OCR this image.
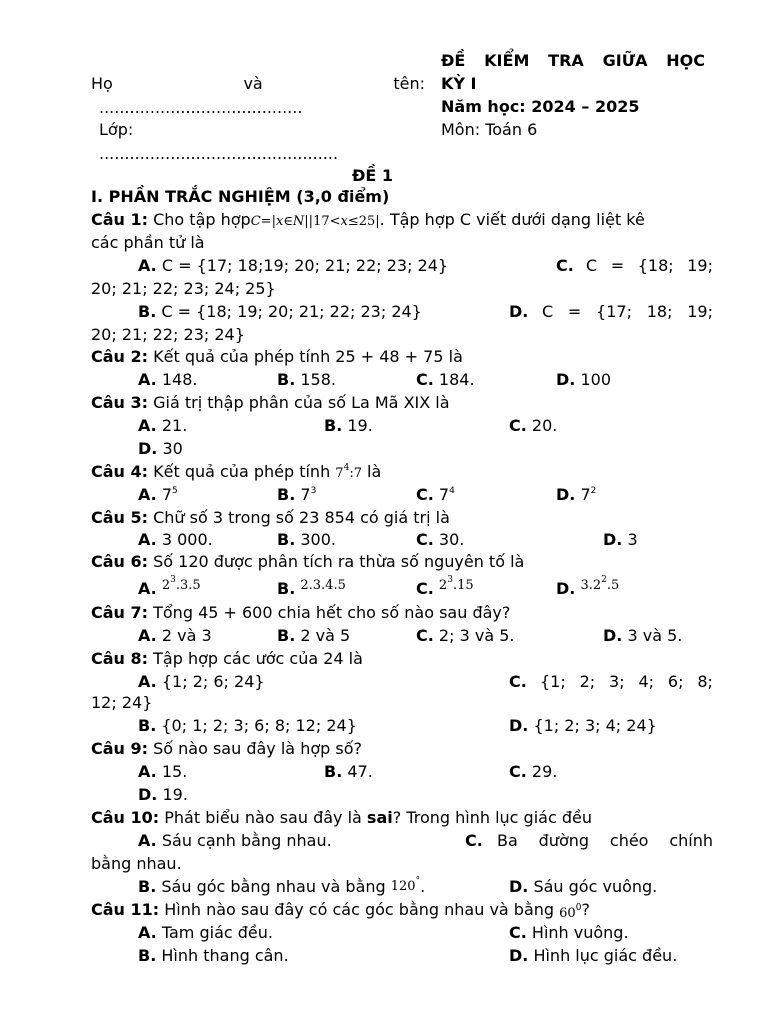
Họ	và	tên:
........................................
Lớp:
...............................................
ĐỀ KIỂM TRA GIỮA HỌC
KỲ I
Năm học: 2024 – 2025
Môn: Toán 6
ĐỀ 1
I. PHẦN TRẮC NGHIỆM (3,0 điểm)
Câu 1: Cho tập hợpC=|x∈N||17<x≤25|. Tập hợp C viết dưới dạng liệt kê
các phần tử là
A. C = {17; 18;19; 20; 21; 22; 23; 24}	C. C = {18; 19;
20; 21; 22; 23; 24; 25}
B. C = {18; 19; 20; 21; 22; 23; 24}	D. C = {17; 18; 19;
20; 21; 22; 23; 24}
Câu 2: Kết quả của phép tính 25 + 48 + 75 là
A. 148.	B. 158.	C. 184.	D. 100
Câu 3: Giá trị thập phân của số La Mã XIX là
A. 21.	B. 19.	C. 20.
D. 30
Câu 4: Kết quả của phép tính $7^4:7$ là
A. $7^5$	B. $7^3$	C. $7^4$	D. $7^2$
Câu 5: Chữ số 3 trong số 23 854 có giá trị là
A. 3 000.	B. 300.	C. 30.	D. 3
Câu 6: Số 120 được phân tích ra thừa số nguyên tố là
A. $^{2^3.3.5}$	B. $^{2.3.4.5}$	C. $^{2^3.15}$	D. $^{3.2^2.5}$
Câu 7: Tổng 45 + 600 chia hết cho số nào sau đây?
A. 2 và 3	B. 2 và 5	C. 2; 3 và 5.	D. 3 và 5.
Câu 8: Tập hợp các ước của 24 là
A. {1; 2; 6; 24}	C. {1; 2; 3; 4; 6; 8;
12; 24}
B. {0; 1; 2; 3; 6; 8; 12; 24}	D. {1; 2; 3; 4; 24}
Câu 9: Số nào sau đây là hợp số?
A. 15.	B. 47.	C. 29.
D. 19.
Câu 10: Phát biểu nào sau đây là sai? Trong hình lục giác đều
A. Sáu cạnh bằng nhau.	C. Ba đường chéo chính
bằng nhau.
B. Sáu góc bằng nhau và bằng 120°.	D. Sáu góc vuông.
Câu 11: Hình nào sau đây có các góc bằng nhau và bằng $60^0$?
A. Tam giác đều.	C. Hình vuông.
B. Hình thang cân.	D. Hình lục giác đều.
